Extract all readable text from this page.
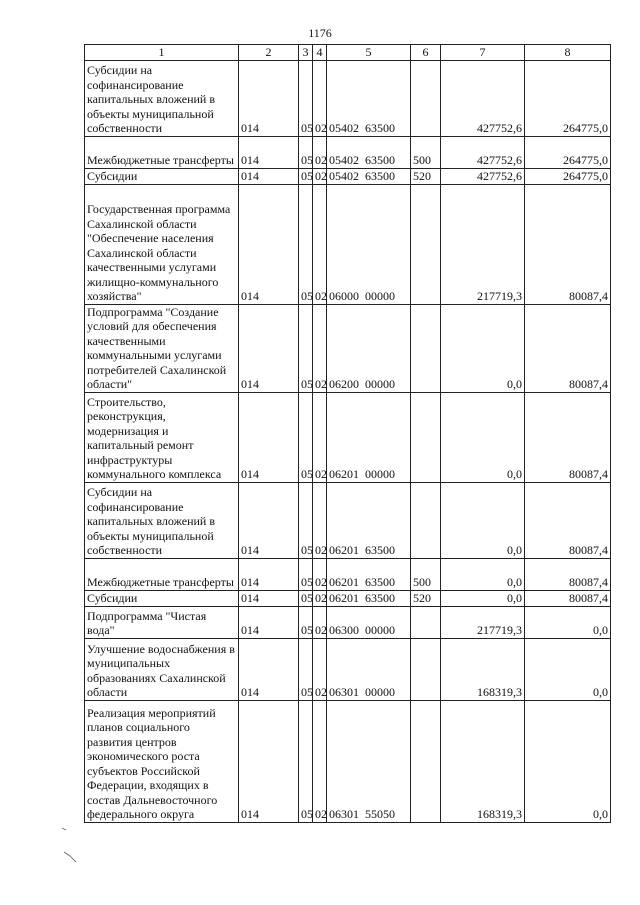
1176
1	2	3	4	5	6	7	8
Субсидии на софинансирование капитальных вложений в объекты муниципальной собственности	014	05	02	05402  63500		427752,6	264775,0
Межбюджетные трансферты	014	05	02	05402  63500	500	427752,6	264775,0
Субсидии	014	05	02	05402  63500	520	427752,6	264775,0
Государственная программа Сахалинской области "Обеспечение населения Сахалинской области качественными услугами жилищно-коммунального хозяйства"	014	05	02	06000  00000		217719,3	80087,4
Подпрограмма "Создание условий для обеспечения качественными коммунальными услугами потребителей Сахалинской области"	014	05	02	06200  00000		0,0	80087,4
Строительство, реконструкция, модернизация и капитальный ремонт инфраструктуры коммунального комплекса	014	05	02	06201  00000		0,0	80087,4
Субсидии на софинансирование капитальных вложений в объекты муниципальной собственности	014	05	02	06201  63500		0,0	80087,4
Межбюджетные трансферты	014	05	02	06201  63500	500	0,0	80087,4
Субсидии	014	05	02	06201  63500	520	0,0	80087,4
Подпрограмма "Чистая вода"	014	05	02	06300  00000		217719,3	0,0
Улучшение водоснабжения в муниципальных образованиях Сахалинской области	014	05	02	06301  00000		168319,3	0,0
Реализация мероприятий планов социального развития центров экономического роста субъектов Российской Федерации, входящих в состав Дальневосточного федерального округа	014	05	02	06301  55050		168319,3	0,0
